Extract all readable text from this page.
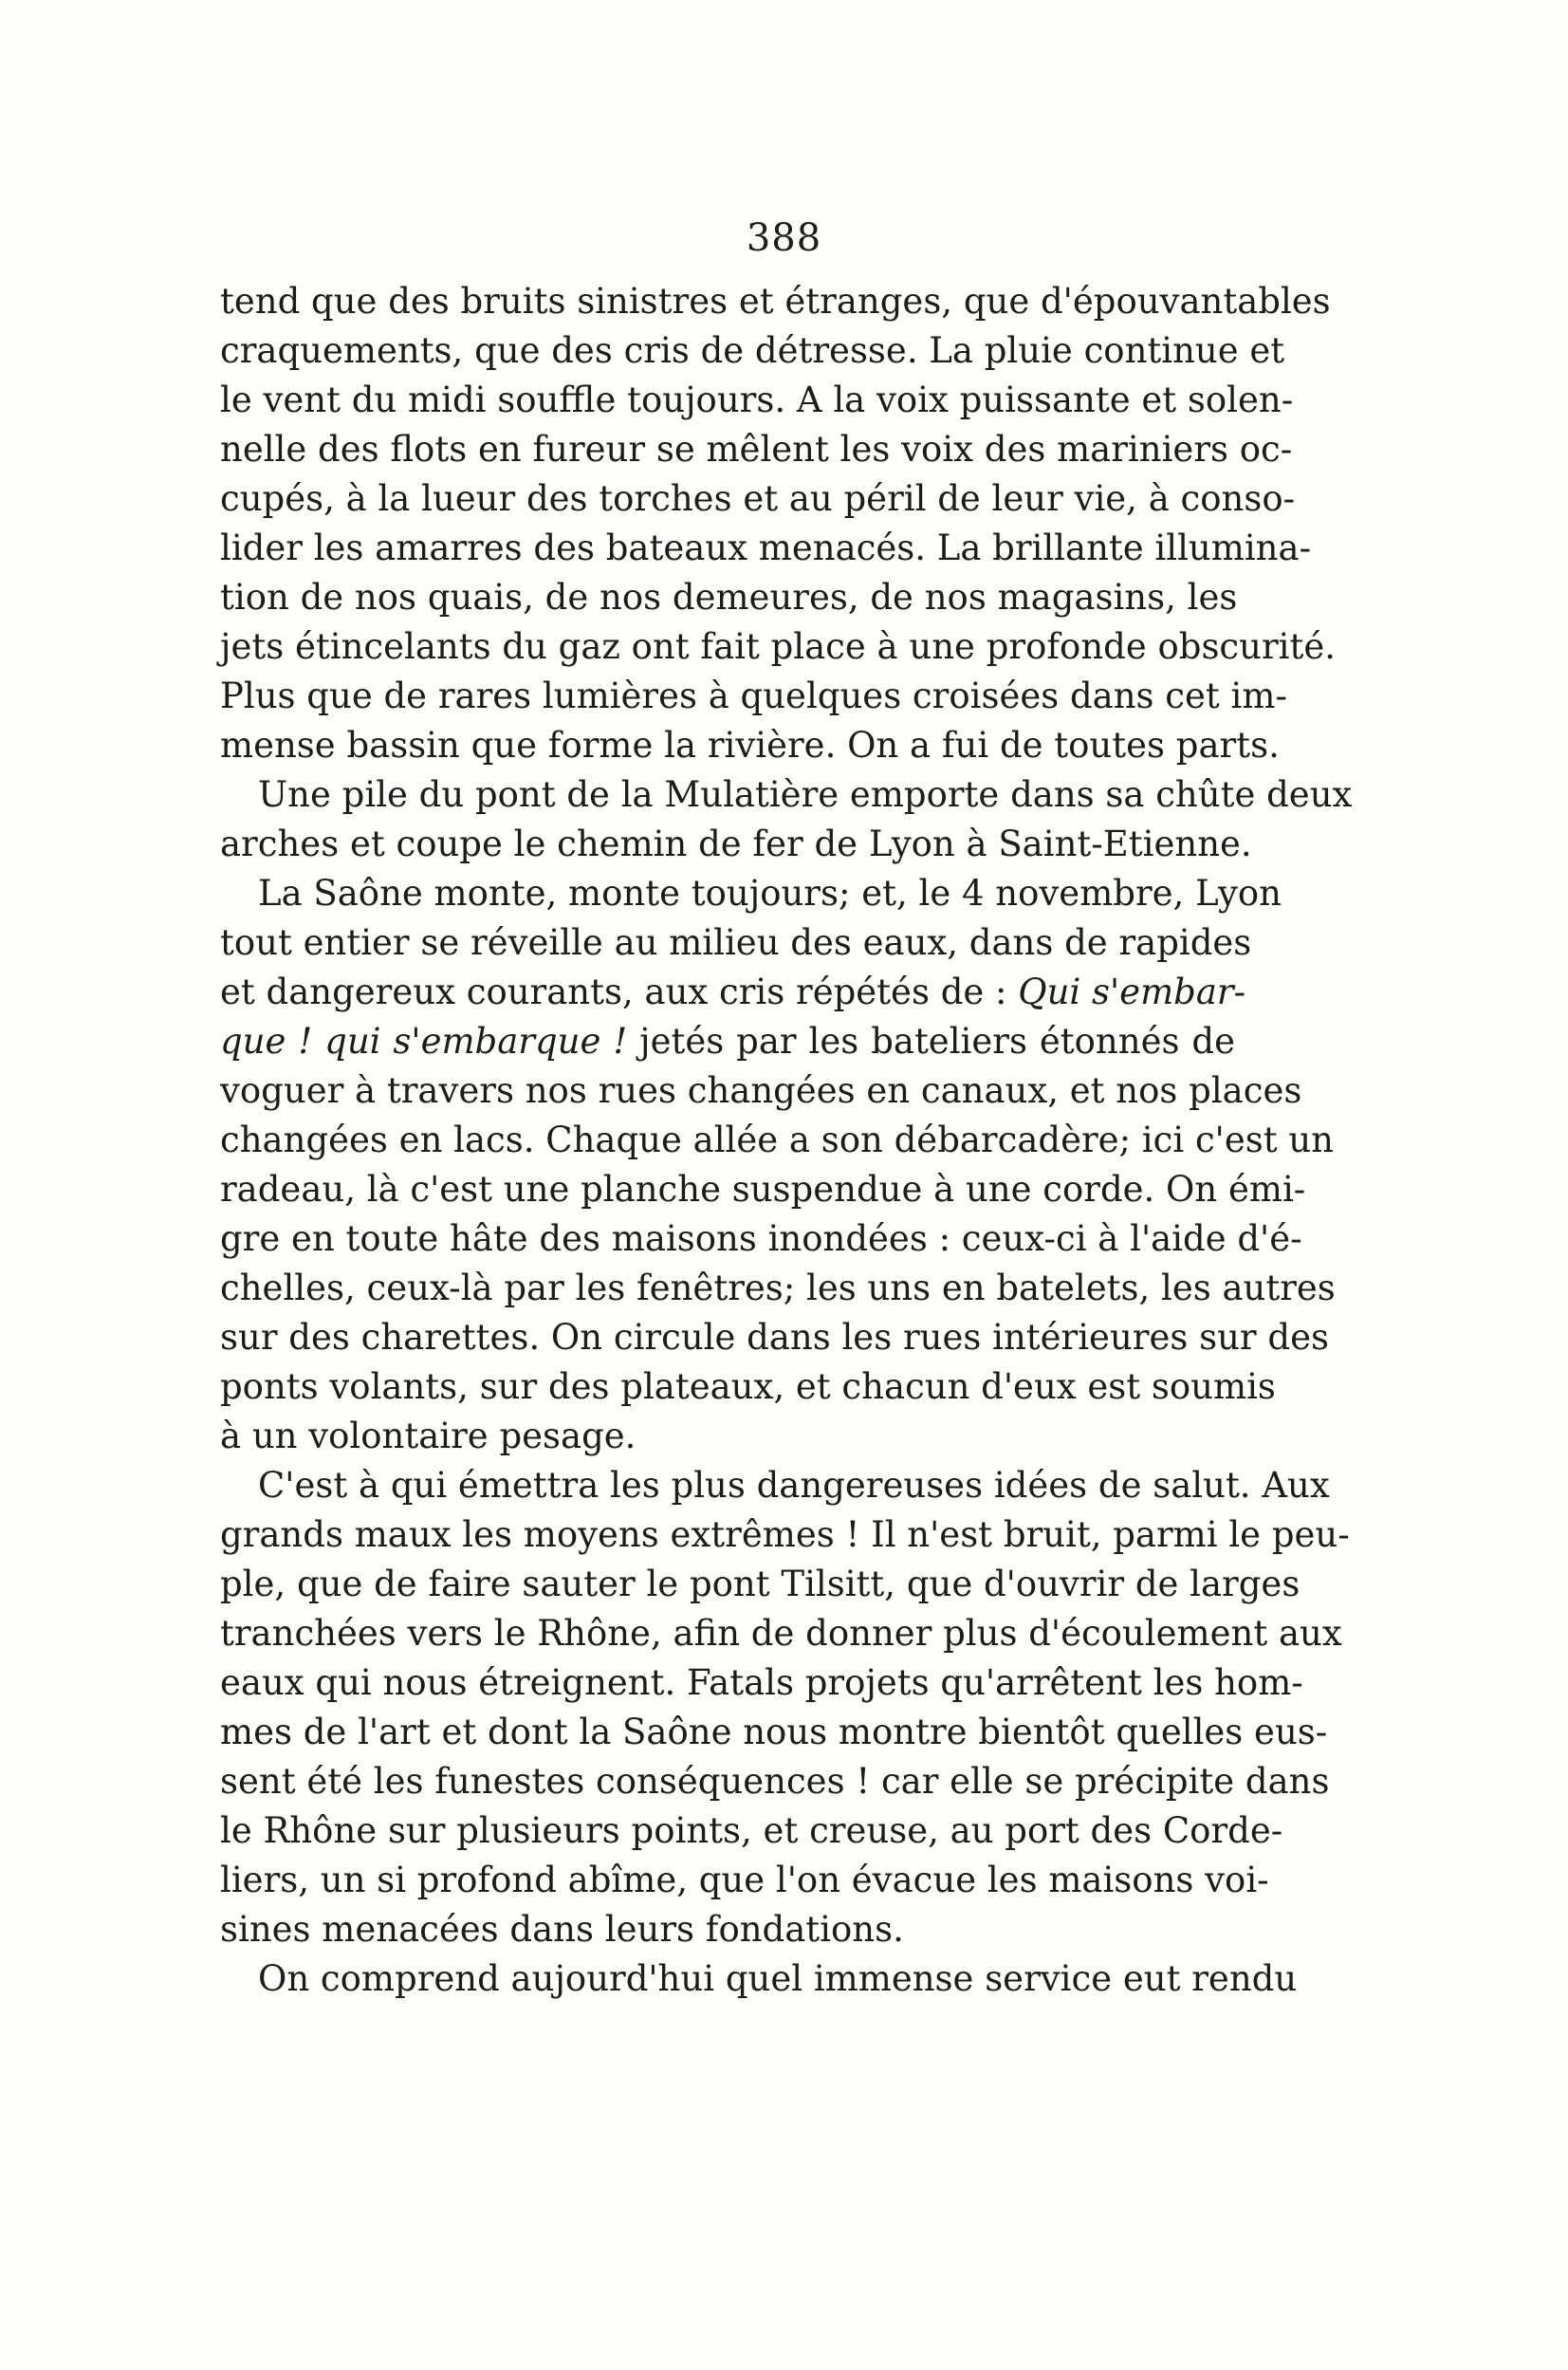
388
tend que des bruits sinistres et étranges, que d'épouvantables
craquements, que des cris de détresse. La pluie continue et
le vent du midi souffle toujours. A la voix puissante et solen-
nelle des flots en fureur se mêlent les voix des mariniers oc-
cupés, à la lueur des torches et au péril de leur vie, à conso-
lider les amarres des bateaux menacés. La brillante illumina-
tion de nos quais, de nos demeures, de nos magasins, les
jets étincelants du gaz ont fait place à une profonde obscurité.
Plus que de rares lumières à quelques croisées dans cet im-
mense bassin que forme la rivière. On a fui de toutes parts.
Une pile du pont de la Mulatière emporte dans sa chûte deux
arches et coupe le chemin de fer de Lyon à Saint-Etienne.
La Saône monte, monte toujours; et, le 4 novembre, Lyon
tout entier se réveille au milieu des eaux, dans de rapides
et dangereux courants, aux cris répétés de : Qui s'embar-
que ! qui s'embarque ! jetés par les bateliers étonnés de
voguer à travers nos rues changées en canaux, et nos places
changées en lacs. Chaque allée a son débarcadère; ici c'est un
radeau, là c'est une planche suspendue à une corde. On émi-
gre en toute hâte des maisons inondées : ceux-ci à l'aide d'é-
chelles, ceux-là par les fenêtres; les uns en batelets, les autres
sur des charettes. On circule dans les rues intérieures sur des
ponts volants, sur des plateaux, et chacun d'eux est soumis
à un volontaire pesage.
C'est à qui émettra les plus dangereuses idées de salut. Aux
grands maux les moyens extrêmes ! Il n'est bruit, parmi le peu-
ple, que de faire sauter le pont Tilsitt, que d'ouvrir de larges
tranchées vers le Rhône, afin de donner plus d'écoulement aux
eaux qui nous étreignent. Fatals projets qu'arrêtent les hom-
mes de l'art et dont la Saône nous montre bientôt quelles eus-
sent été les funestes conséquences ! car elle se précipite dans
le Rhône sur plusieurs points, et creuse, au port des Corde-
liers, un si profond abîme, que l'on évacue les maisons voi-
sines menacées dans leurs fondations.
On comprend aujourd'hui quel immense service eut rendu
